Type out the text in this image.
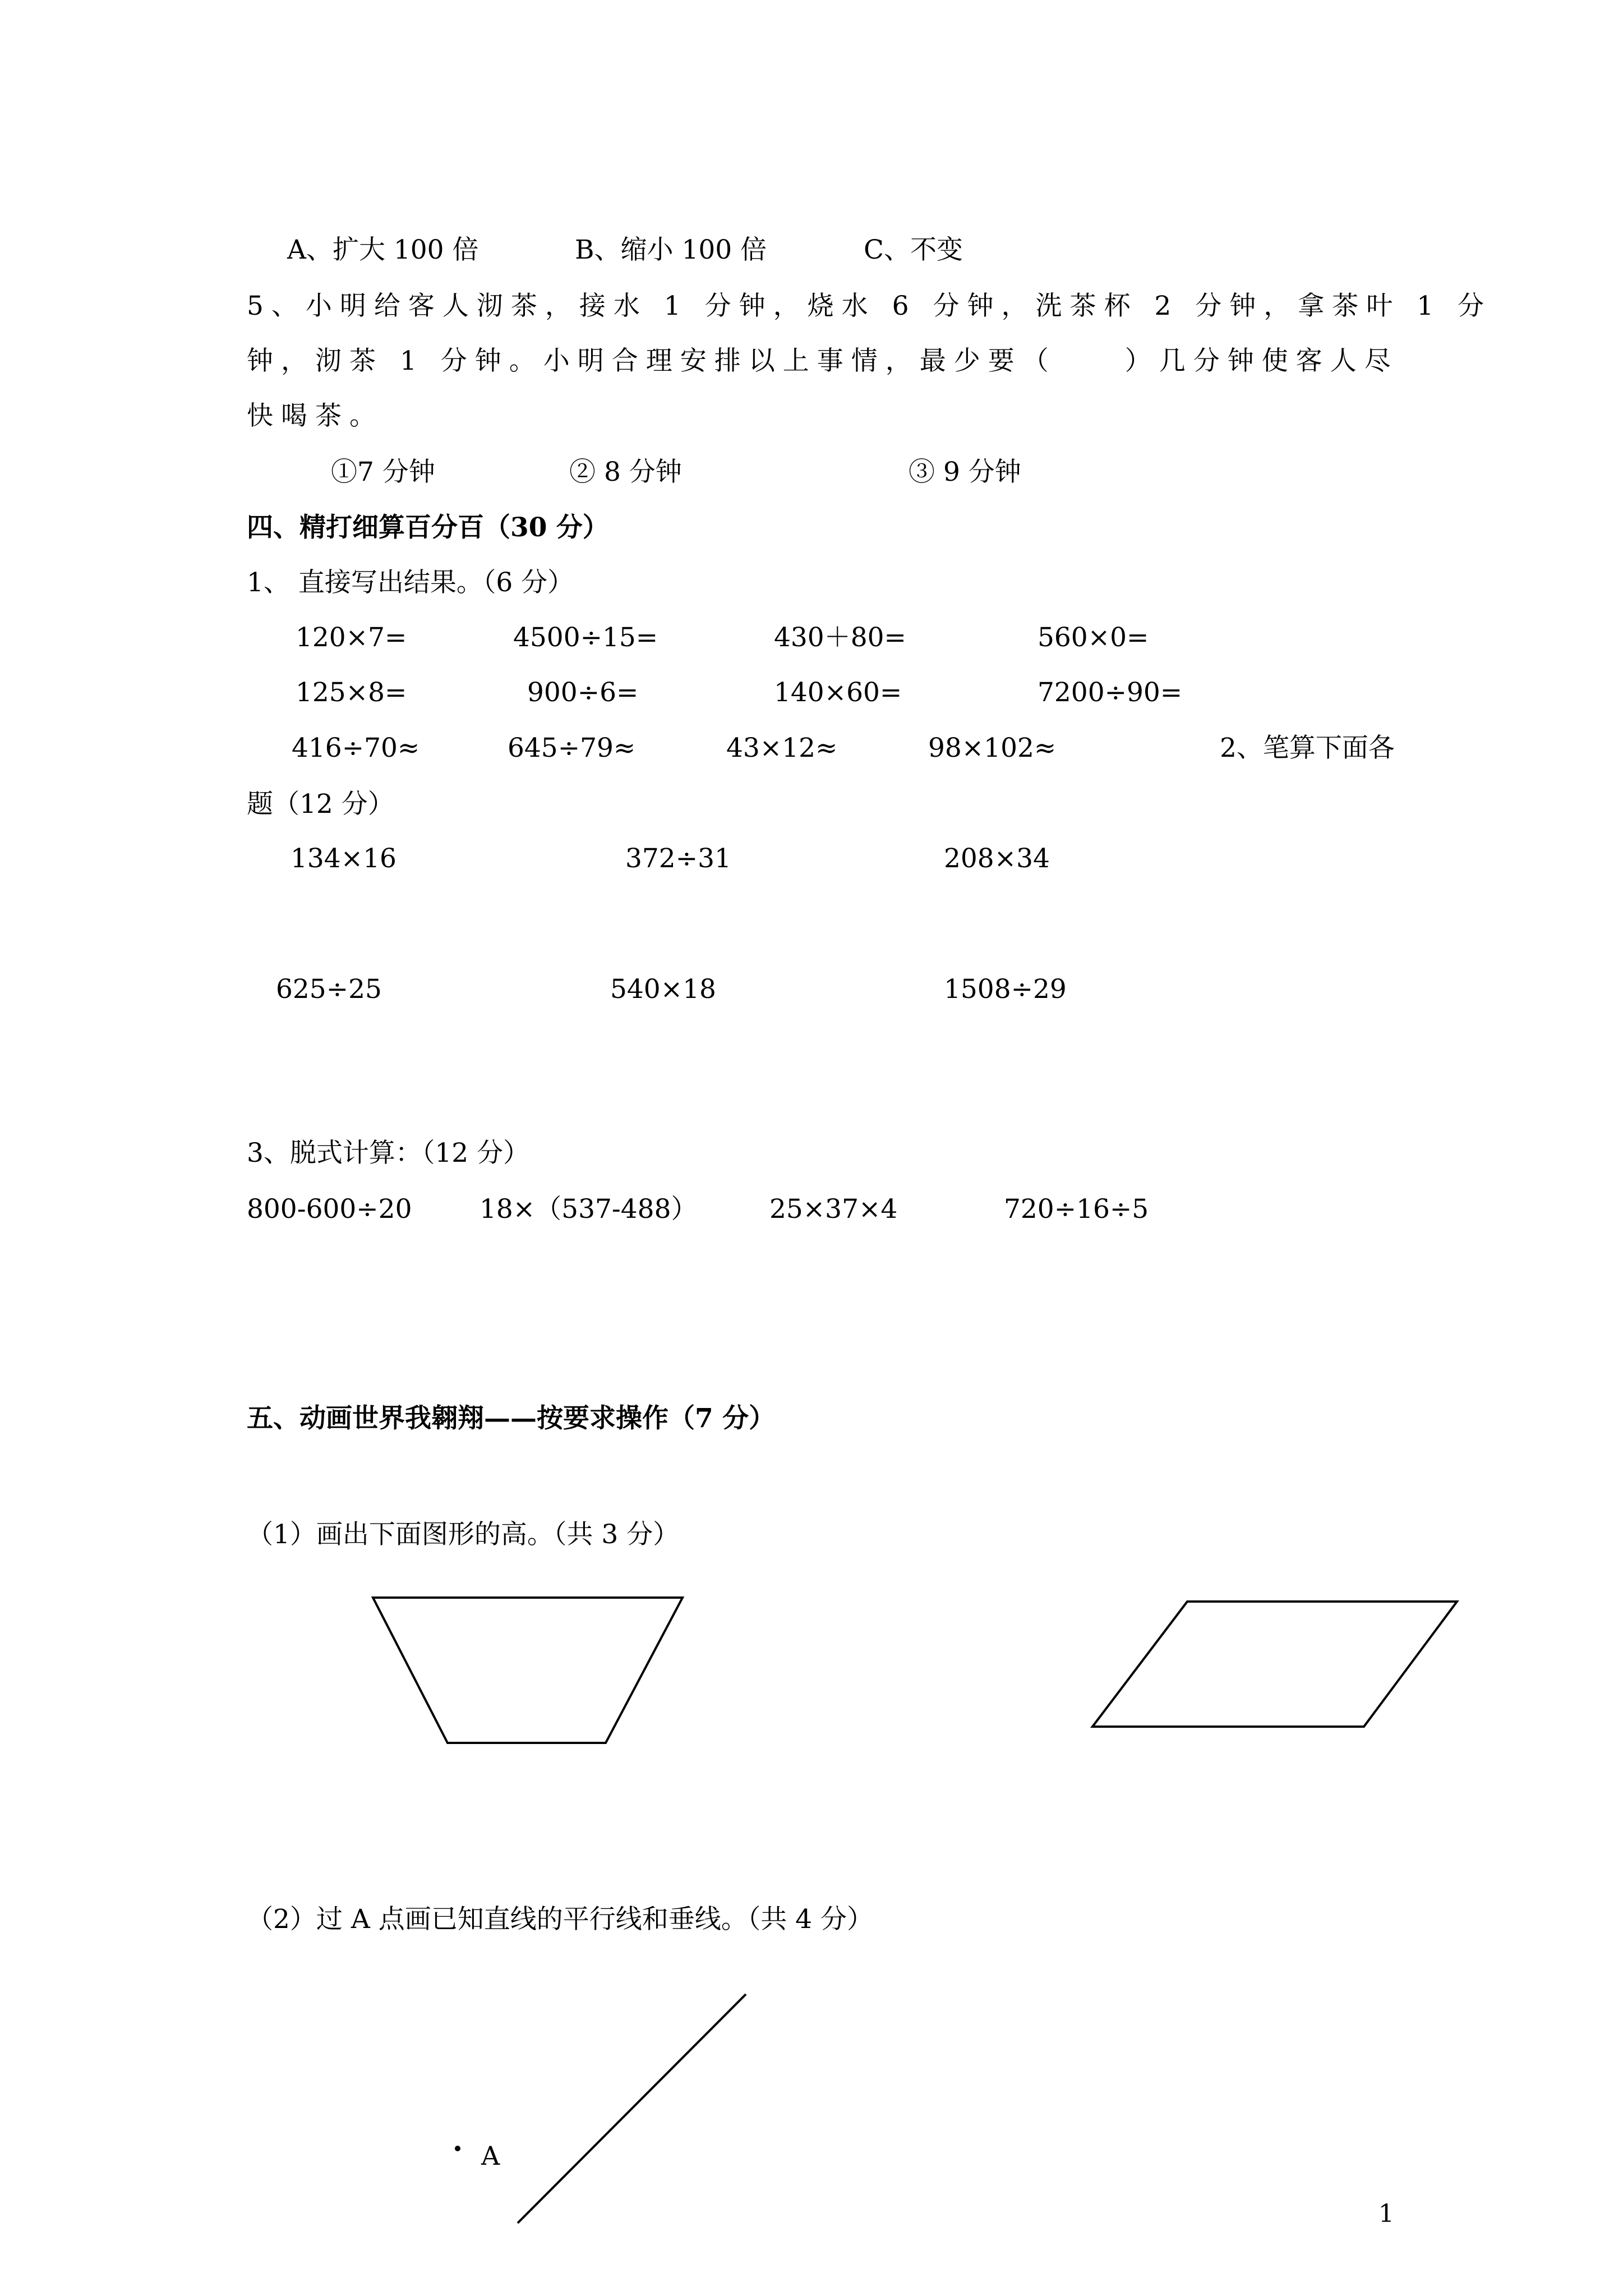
A、扩大 100 倍	B、缩小 100 倍	C、不变
5、小明给客人沏茶，接水 1 分钟，烧水 6 分钟，洗茶杯 2 分钟，拿茶叶 1 分
钟，沏茶 1 分钟。小明合理安排以上事情，最少要（　　）几分钟使客人尽
快喝茶。
①7 分钟	② 8 分钟	③ 9 分钟
四、精打细算百分百（30 分）
1、 直接写出结果。（6 分）
120×7=	4500÷15=	430＋80=	560×0=
125×8=	900÷6=	140×60=	7200÷90=
416÷70≈	645÷79≈	43×12≈	98×102≈	2、笔算下面各
题（12 分）
134×16	372÷31	208×34
625÷25	540×18	1508÷29
3、脱式计算：（12 分）
800-600÷20	18×（537-488）	25×37×4	720÷16÷5
五、动画世界我翱翔——按要求操作（7 分）
（1）画出下面图形的高。（共 3 分）
（2）过 A 点画已知直线的平行线和垂线。（共 4 分）
A
1
